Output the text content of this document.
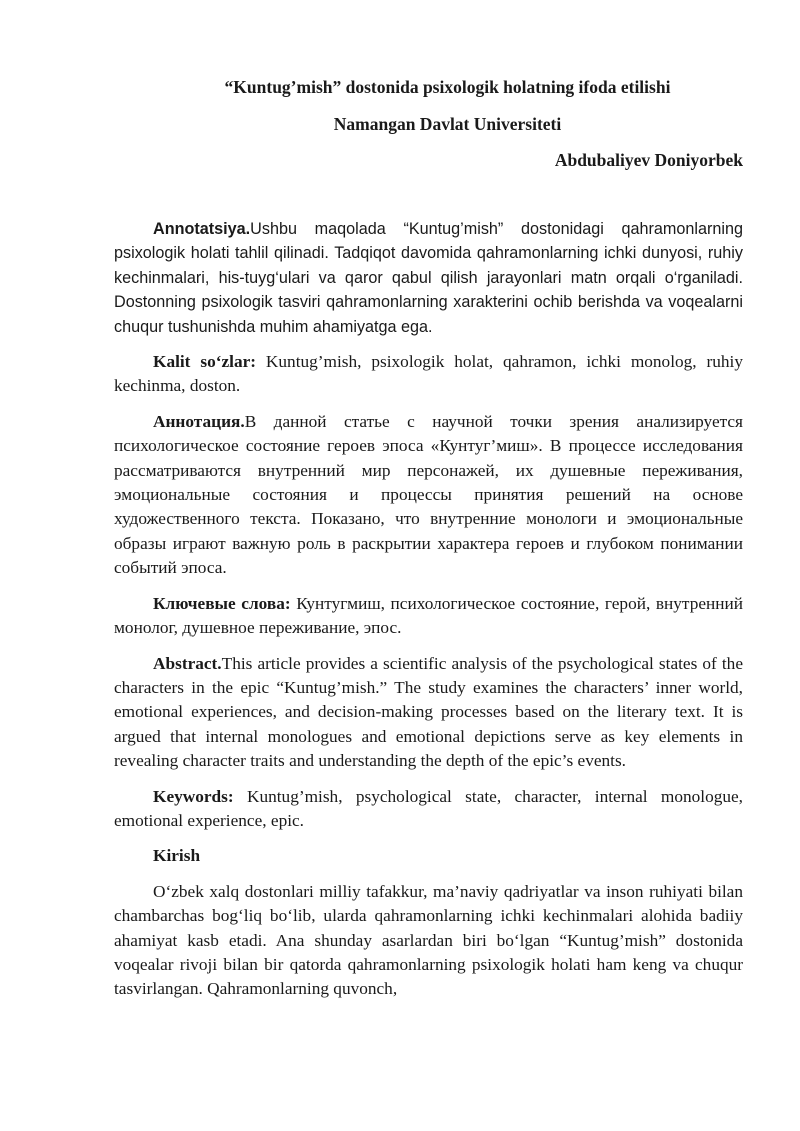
“Kuntug’mish” dostonida psixologik holatning ifoda etilishi
Namangan Davlat Universiteti
Abdubaliyev Doniyorbek

Annotatsiya.Ushbu maqolada “Kuntug’mish” dostonidagi qahramonlarning psixologik holati tahlil qilinadi. Tadqiqot davomida qahramonlarning ichki dunyosi, ruhiy kechinmalari, his-tuyg‘ulari va qaror qabul qilish jarayonlari matn orqali o‘rganiladi. Dostonning psixologik tasviri qahramonlarning xarakterini ochib berishda va voqealarni chuqur tushunishda muhim ahamiyatga ega.

Kalit so‘zlar: Kuntug’mish, psixologik holat, qahramon, ichki monolog, ruhiy kechinma, doston.

Аннотация.В данной статье с научной точки зрения анализируется психологическое состояние героев эпоса «Кунтуг’миш». В процессе исследования рассматриваются внутренний мир персонажей, их душевные переживания, эмоциональные состояния и процессы принятия решений на основе художественного текста. Показано, что внутренние монологи и эмоциональные образы играют важную роль в раскрытии характера героев и глубоком понимании событий эпоса.

Ключевые слова: Кунтугмиш, психологическое состояние, герой, внутренний монолог, душевное переживание, эпос.

Abstract.This article provides a scientific analysis of the psychological states of the characters in the epic “Kuntug’mish.” The study examines the characters’ inner world, emotional experiences, and decision-making processes based on the literary text. It is argued that internal monologues and emotional depictions serve as key elements in revealing character traits and understanding the depth of the epic’s events.

Keywords: Kuntug’mish, psychological state, character, internal monologue, emotional experience, epic.

Kirish

O‘zbek xalq dostonlari milliy tafakkur, ma’naviy qadriyatlar va inson ruhiyati bilan chambarchas bog‘liq bo‘lib, ularda qahramonlarning ichki kechinmalari alohida badiiy ahamiyat kasb etadi. Ana shunday asarlardan biri bo‘lgan “Kuntug’mish” dostonida voqealar rivoji bilan bir qatorda qahramonlarning psixologik holati ham keng va chuqur tasvirlangan. Qahramonlarning quvonch,
